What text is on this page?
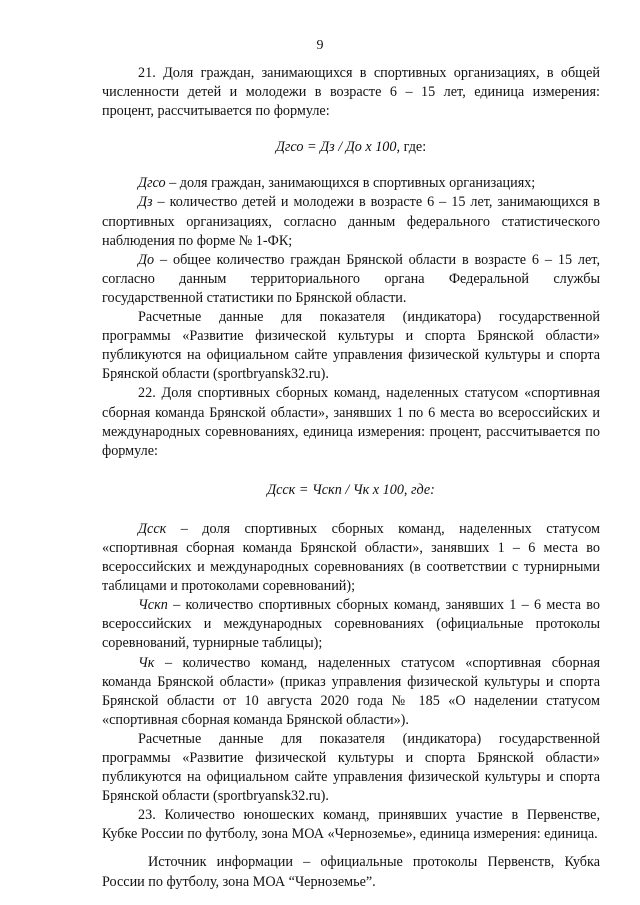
9

21. Доля граждан, занимающихся в спортивных организациях, в общей численности детей и молодежи в возрасте 6 – 15 лет, единица измерения: процент, рассчитывается по формуле:

Дгсо = Дз / До х 100, где:

Дгсо – доля граждан, занимающихся в спортивных организациях;

Дз – количество детей и молодежи в возрасте 6 – 15 лет, занимающихся в спортивных организациях, согласно данным федерального статистического наблюдения по форме № 1-ФК;

До – общее количество граждан Брянской области в возрасте 6 – 15 лет, согласно данным территориального органа Федеральной службы государственной статистики по Брянской области.

Расчетные данные для показателя (индикатора) государственной программы «Развитие физической культуры и спорта Брянской области» публикуются на официальном сайте управления физической культуры и спорта Брянской области (sportbryansk32.ru).

22. Доля спортивных сборных команд, наделенных статусом «спортивная сборная команда Брянской области», занявших 1 по 6 места во всероссийских и международных соревнованиях, единица измерения: процент, рассчитывается по формуле:

Дсск = Чскп / Чк х 100, где:

Дсск – доля спортивных сборных команд, наделенных статусом «спортивная сборная команда Брянской области», занявших 1 – 6 места во всероссийских и международных соревнованиях (в соответствии с турнирными таблицами и протоколами соревнований);

Чскп – количество спортивных сборных команд, занявших 1 – 6 места во всероссийских и международных соревнованиях (официальные протоколы соревнований, турнирные таблицы);

Чк – количество команд, наделенных статусом «спортивная сборная команда Брянской области» (приказ управления физической культуры и спорта Брянской области от 10 августа 2020 года № 185 «О наделении статусом «спортивная сборная команда Брянской области»).

Расчетные данные для показателя (индикатора) государственной программы «Развитие физической культуры и спорта Брянской области» публикуются на официальном сайте управления физической культуры и спорта Брянской области (sportbryansk32.ru).

23. Количество юношеских команд, принявших участие в Первенстве, Кубке России по футболу, зона МОА «Черноземье», единица измерения: единица.

Источник информации – официальные протоколы Первенств, Кубка России по футболу, зона МОА “Черноземье”.
